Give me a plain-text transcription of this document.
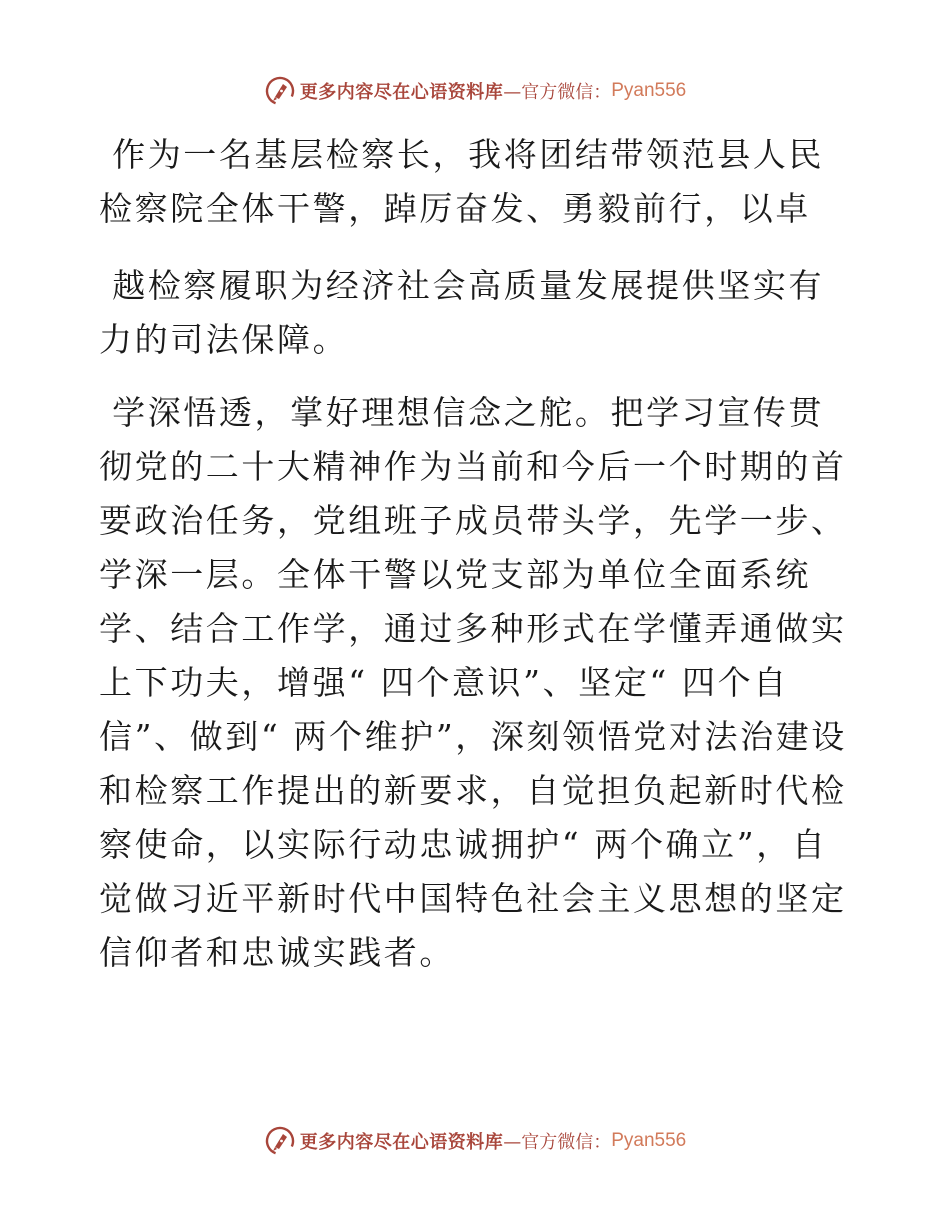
更多内容尽在心语资料库 —官方微信： Pyan556

作为一名基层检察长，我将团结带领范县人民检察院全体干警，踔厉奋发、勇毅前行，以卓

越检察履职为经济社会高质量发展提供坚实有力的司法保障。

学深悟透，掌好理想信念之舵。把学习宣传贯彻党的二十大精神作为当前和今后一个时期的首要政治任务，党组班子成员带头学，先学一步、学深一层。全体干警以党支部为单位全面系统学、结合工作学，通过多种形式在学懂弄通做实上下功夫，增强“ 四个意识”、坚定“ 四个自信”、做到“ 两个维护”，深刻领悟党对法治建设和检察工作提出的新要求，自觉担负起新时代检察使命，以实际行动忠诚拥护“ 两个确立”，自觉做习近平新时代中国特色社会主义思想的坚定信仰者和忠诚实践者。

更多内容尽在心语资料库 —官方微信： Pyan556
